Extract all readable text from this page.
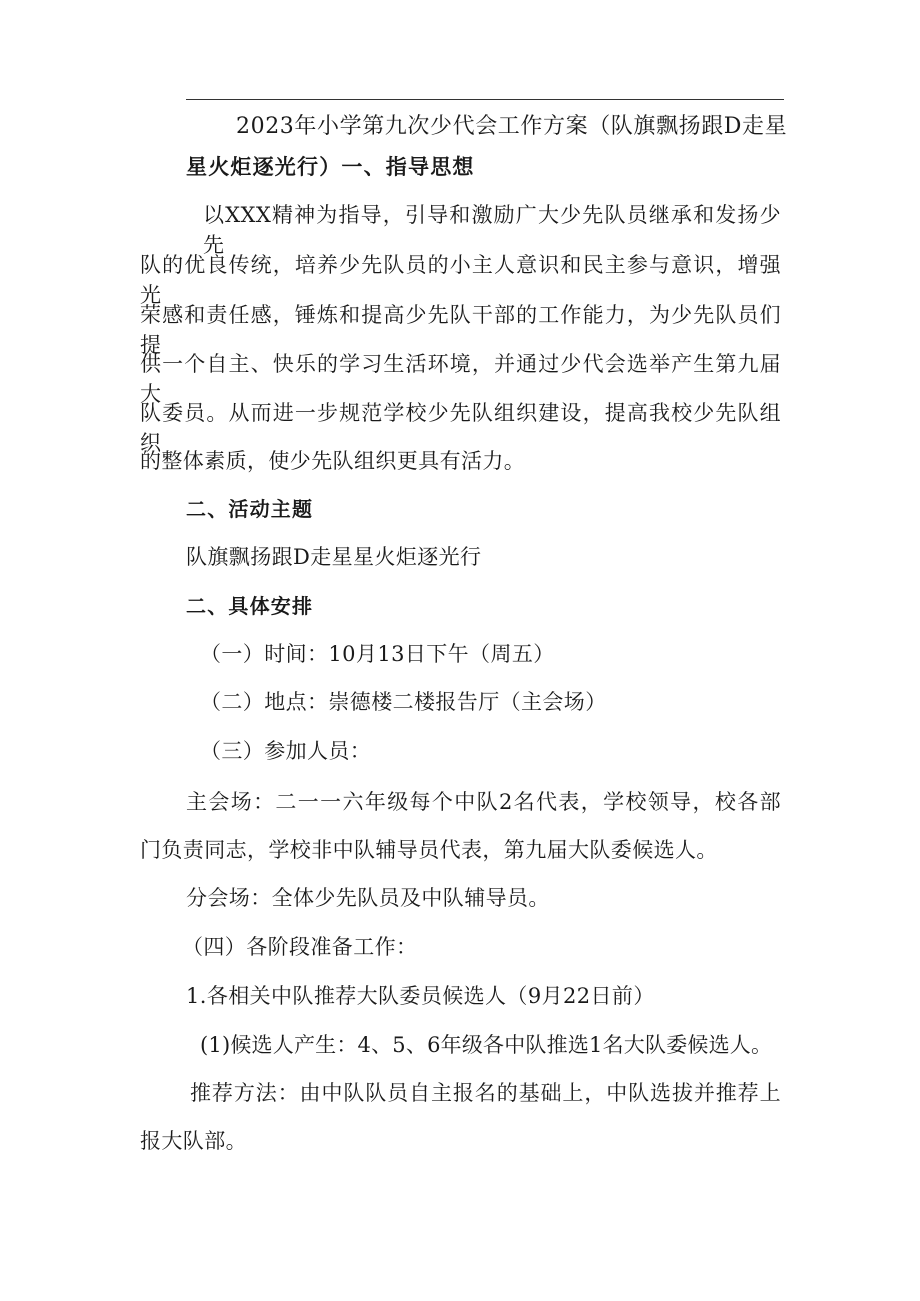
2023年小学第九次少代会工作方案（队旗飘扬跟D走星
星火炬逐光行）一、指导思想
以XXX精神为指导，引导和激励广大少先队员继承和发扬少先
队的优良传统，培养少先队员的小主人意识和民主参与意识，增强光
荣感和责任感，锤炼和提高少先队干部的工作能力，为少先队员们提
供一个自主、快乐的学习生活环境，并通过少代会选举产生第九届大
队委员。从而进一步规范学校少先队组织建设，提高我校少先队组织
的整体素质，使少先队组织更具有活力。
二、活动主题
队旗飘扬跟D走星星火炬逐光行
二、具体安排
（一）时间：10月13日下午（周五）
（二）地点：崇德楼二楼报告厅（主会场）
（三）参加人员：
主会场：二一一六年级每个中队2名代表，学校领导，校各部
门负责同志，学校非中队辅导员代表，第九届大队委候选人。
分会场：全体少先队员及中队辅导员。
（四）各阶段准备工作：
1.各相关中队推荐大队委员候选人（9月22日前）
(1)候选人产生：4、5、6年级各中队推选1名大队委候选人。
推荐方法：由中队队员自主报名的基础上，中队选拔并推荐上
报大队部。
